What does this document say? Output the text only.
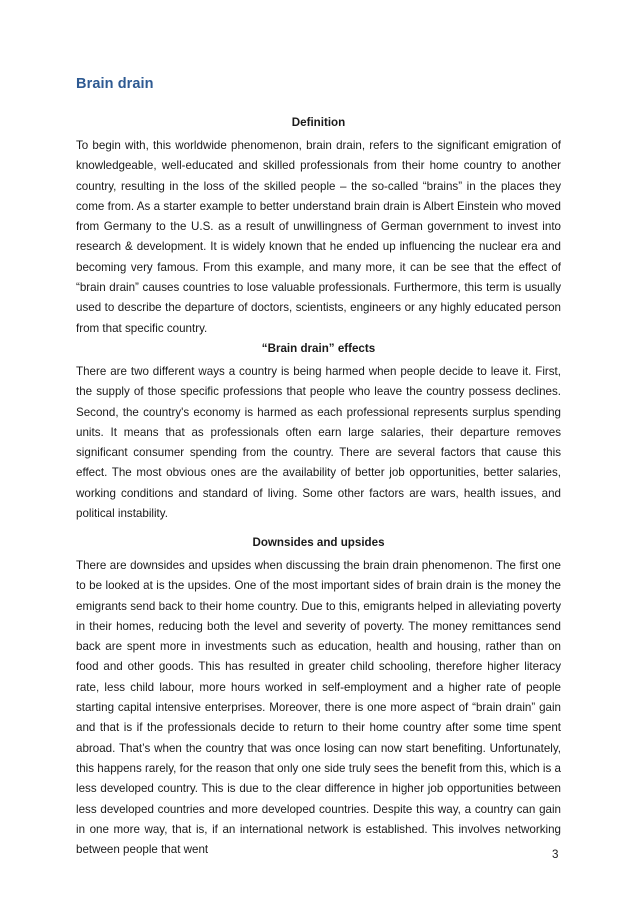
Brain drain
Definition

To begin with, this worldwide phenomenon, brain drain, refers to the significant emigration of knowledgeable, well-educated and skilled professionals from their home country to another country, resulting in the loss of the skilled people – the so-called “brains” in the places they come from. As a starter example to better understand brain drain is Albert Einstein who moved from Germany to the U.S. as a result of unwillingness of German government to invest into research & development. It is widely known that he ended up influencing the nuclear era and becoming very famous. From this example, and many more, it can be see that the effect of “brain drain” causes countries to lose valuable professionals. Furthermore, this term is usually used to describe the departure of doctors, scientists, engineers or any highly educated person from that specific country.

“Brain drain” effects

There are two different ways a country is being harmed when people decide to leave it. First, the supply of those specific professions that people who leave the country possess declines. Second, the country's economy is harmed as each professional represents surplus spending units. It means that as professionals often earn large salaries, their departure removes significant consumer spending from the country. There are several factors that cause this effect. The most obvious ones are the availability of better job opportunities, better salaries, working conditions and standard of living. Some other factors are wars, health issues, and political instability.

Downsides and upsides

There are downsides and upsides when discussing the brain drain phenomenon. The first one to be looked at is the upsides. One of the most important sides of brain drain is the money the emigrants send back to their home country. Due to this, emigrants helped in alleviating poverty in their homes, reducing both the level and severity of poverty. The money remittances send back are spent more in investments such as education, health and housing, rather than on food and other goods. This has resulted in greater child schooling, therefore higher literacy rate, less child labour, more hours worked in self-employment and a higher rate of people starting capital intensive enterprises. Moreover, there is one more aspect of “brain drain” gain and that is if the professionals decide to return to their home country after some time spent abroad. That’s when the country that was once losing can now start benefiting. Unfortunately, this happens rarely, for the reason that only one side truly sees the benefit from this, which is a less developed country. This is due to the clear difference in higher job opportunities between less developed countries and more developed countries. Despite this way, a country can gain in one more way, that is, if an international network is established. This involves networking between people that went	3
